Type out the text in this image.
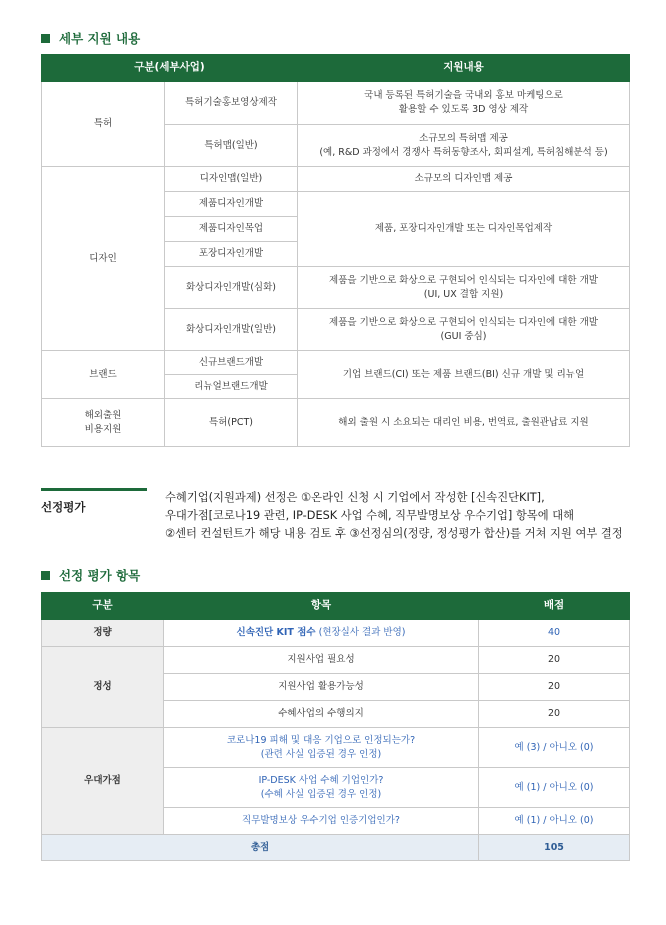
세부 지원 내용
구분(세부사업)		지원내용
특허	특허기술홍보영상제작	국내 등록된 특허기술을 국내외 홍보 마케팅으로
활용할 수 있도록 3D 영상 제작
	특허맵(일반)	소규모의 특허맵 제공
(예, R&D 과정에서 경쟁사 특허동향조사, 회피설계, 특허침해분석 등)
디자인	디자인맵(일반)	소규모의 디자인맵 제공
	제품디자인개발	제품, 포장디자인개발 또는 디자인목업제작
	제품디자인목업	
	포장디자인개발	
	화상디자인개발(심화)	제품을 기반으로 화상으로 구현되어 인식되는 디자인에 대한 개발
(UI, UX 결합 지원)
	화상디자인개발(일반)	제품을 기반으로 화상으로 구현되어 인식되는 디자인에 대한 개발
(GUI 중심)
브랜드	신규브랜드개발	기업 브랜드(CI) 또는 제품 브랜드(BI) 신규 개발 및 리뉴얼
	리뉴얼브랜드개발	
해외출원
비용지원	특허(PCT)	해외 출원 시 소요되는 대리인 비용, 번역료, 출원관납료 지원
선정평가

수혜기업(지원과제) 선정은 ①온라인 신청 시 기업에서 작성한 [신속진단KIT],

우대가점[코로나19 관련, IP-DESK 사업 수혜, 직무발명보상 우수기업] 항목에 대해

②센터 컨설턴트가 해당 내용 검토 후 ③선정심의(정량, 정성평가 합산)를 거쳐 지원 여부 결정

선정 평가 항목
구분	항목	배점
정량	신속진단 KIT 점수 (현장실사 결과 반영)	40
정성	지원사업 필요성	20
	지원사업 활용가능성	20
	수혜사업의 수행의지	20
우대가점	코로나19 피해 및 대응 기업으로 인정되는가?
(관련 사실 입증된 경우 인정)	예 (3) / 아니오 (0)
	IP-DESK 사업 수혜 기업인가?
(수혜 사실 입증된 경우 인정)	예 (1) / 아니오 (0)
	직무발명보상 우수기업 인증기업인가?	예 (1) / 아니오 (0)
총점		105
